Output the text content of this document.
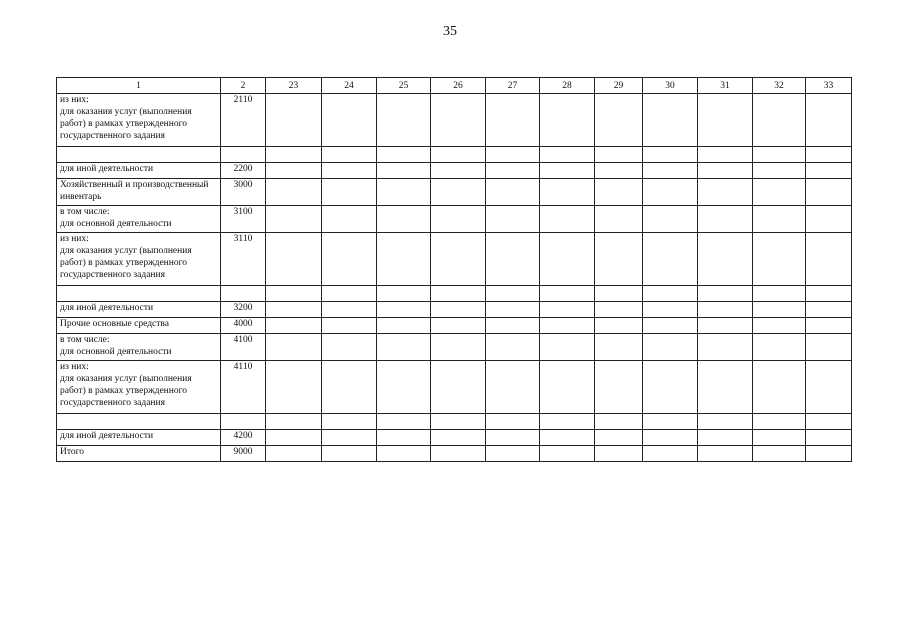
35
1	2	23	24	25	26	27	28	29	30	31	32	33
из них:
для оказания услуг (выполнения работ) в рамках утвержденного государственного задания	2110											

для иной деятельности	2200											
Хозяйственный и производственный инвентарь	3000											
в том числе:
для основной деятельности	3100											
из них:
для оказания услуг (выполнения работ) в рамках утвержденного государственного задания	3110											

для иной деятельности	3200											
Прочие основные средства	4000											
в том числе:
для основной деятельности	4100											
из них:
для оказания услуг (выполнения работ) в рамках утвержденного государственного задания	4110											

для иной деятельности	4200											
Итого	9000											
